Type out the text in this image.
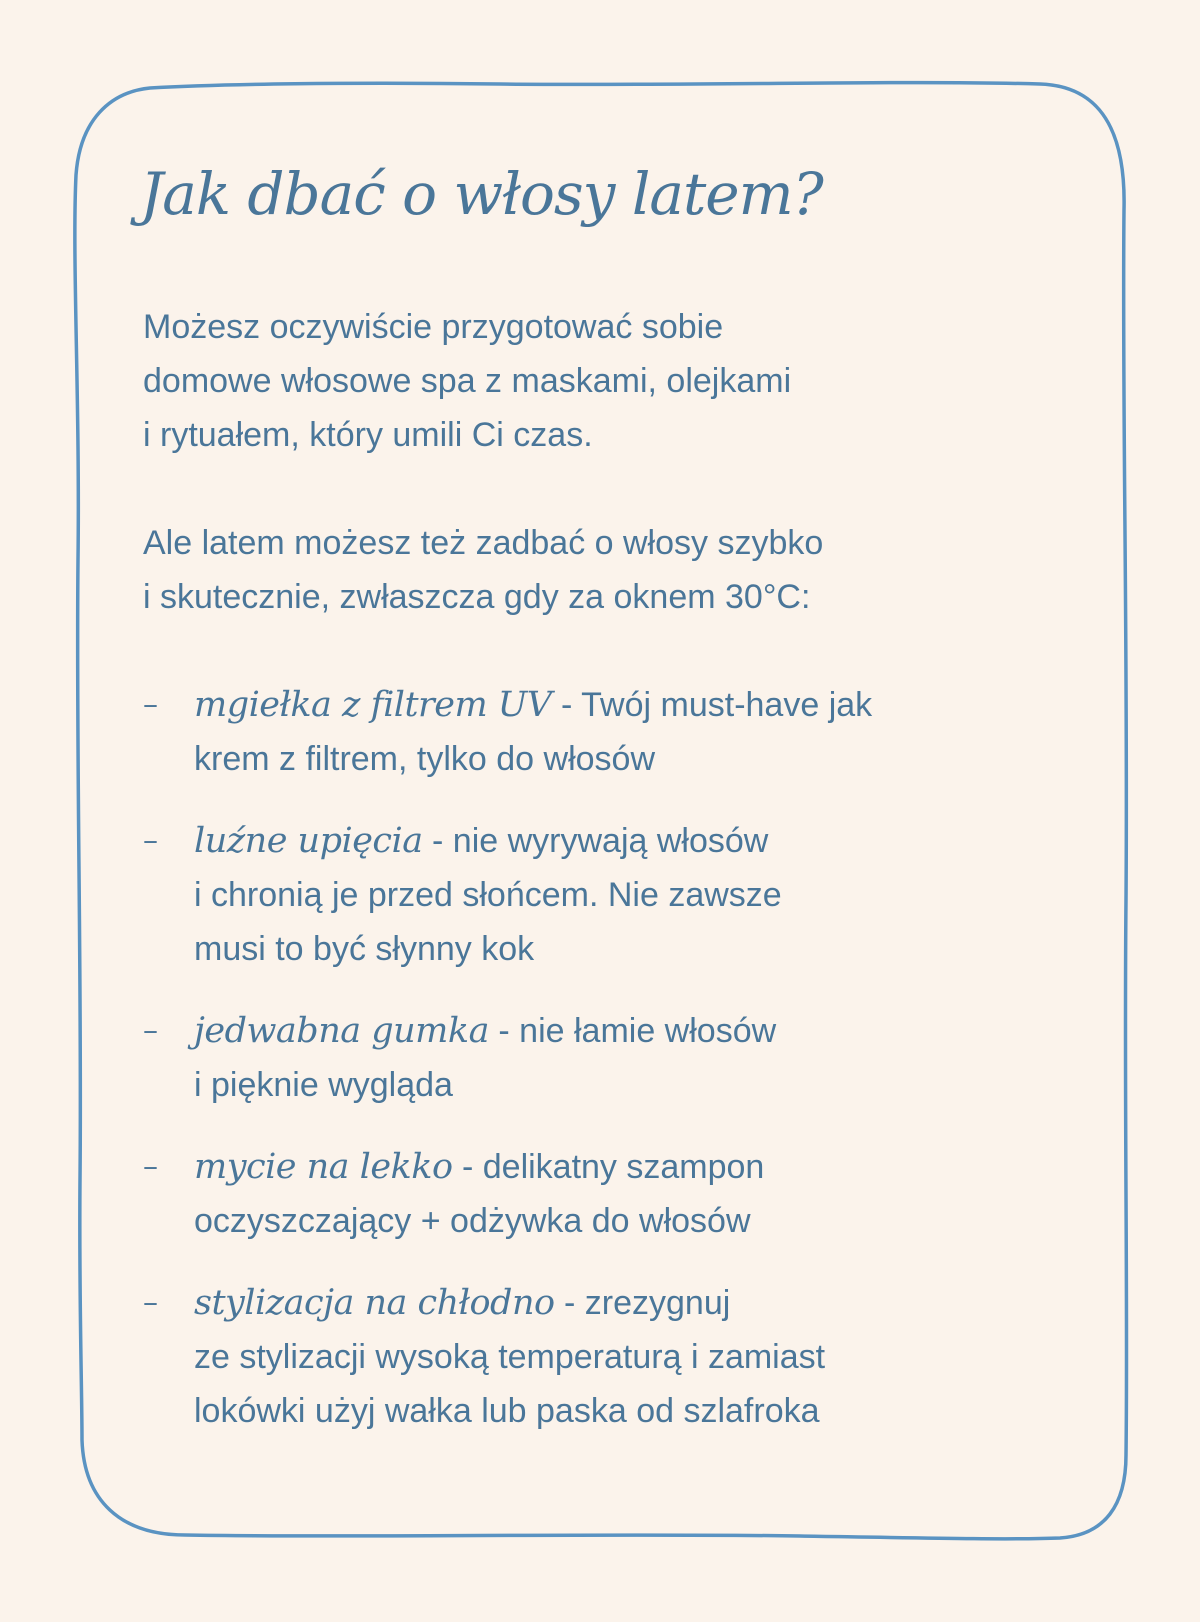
Jak dbać o włosy latem?

Możesz oczywiście przygotować sobie
domowe włosowe spa z maskami, olejkami
i rytuałem, który umili Ci czas.

Ale latem możesz też zadbać o włosy szybko
i skutecznie, zwłaszcza gdy za oknem 30°C:

– mgiełka z filtrem UV - Twój must-have jak
krem z filtrem, tylko do włosów
– luźne upięcia - nie wyrywają włosów
i chronią je przed słońcem. Nie zawsze
musi to być słynny kok
– jedwabna gumka - nie łamie włosów
i pięknie wygląda
– mycie na lekko - delikatny szampon
oczyszczający + odżywka do włosów
– stylizacja na chłodno - zrezygnuj
ze stylizacji wysoką temperaturą i zamiast
lokówki użyj wałka lub paska od szlafroka
